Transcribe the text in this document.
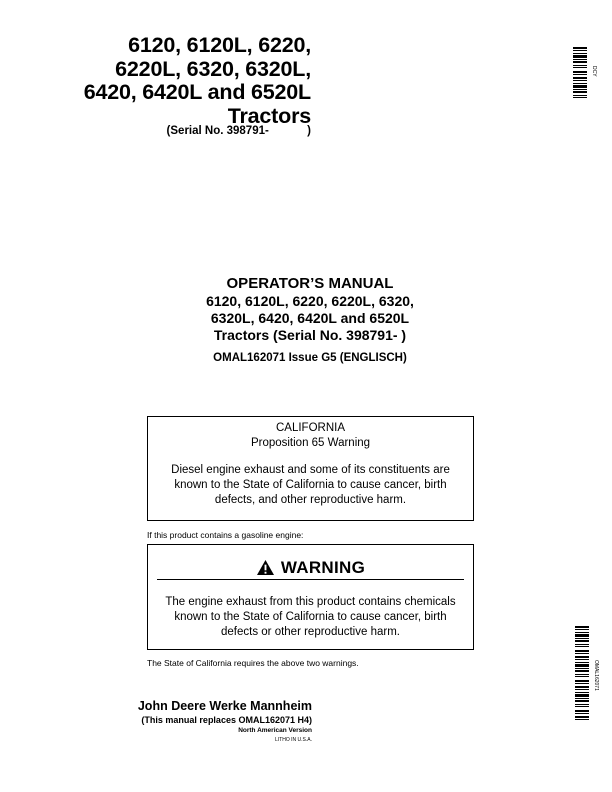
6120, 6120L, 6220,
6220L, 6320, 6320L,
6420, 6420L and 6520L
Tractors
(Serial No. 398791-            )
DCY
OPERATOR’S MANUAL
6120, 6120L, 6220, 6220L, 6320,
6320L, 6420, 6420L and 6520L
Tractors (Serial No. 398791- )
OMAL162071 Issue G5 (ENGLISCH)

CALIFORNIA

Proposition 65 Warning

Diesel engine exhaust and some of its constituents are

known to the State of California to cause cancer, birth

defects, and other reproductive harm.

If this product contains a gasoline engine:
WARNING

The engine exhaust from this product contains chemicals

known to the State of California to cause cancer, birth

defects or other reproductive harm.

The State of California requires the above two warnings.	OMAL162071
John Deere Werke Mannheim
(This manual replaces OMAL162071 H4)
North American Version
LITHO IN U.S.A.
